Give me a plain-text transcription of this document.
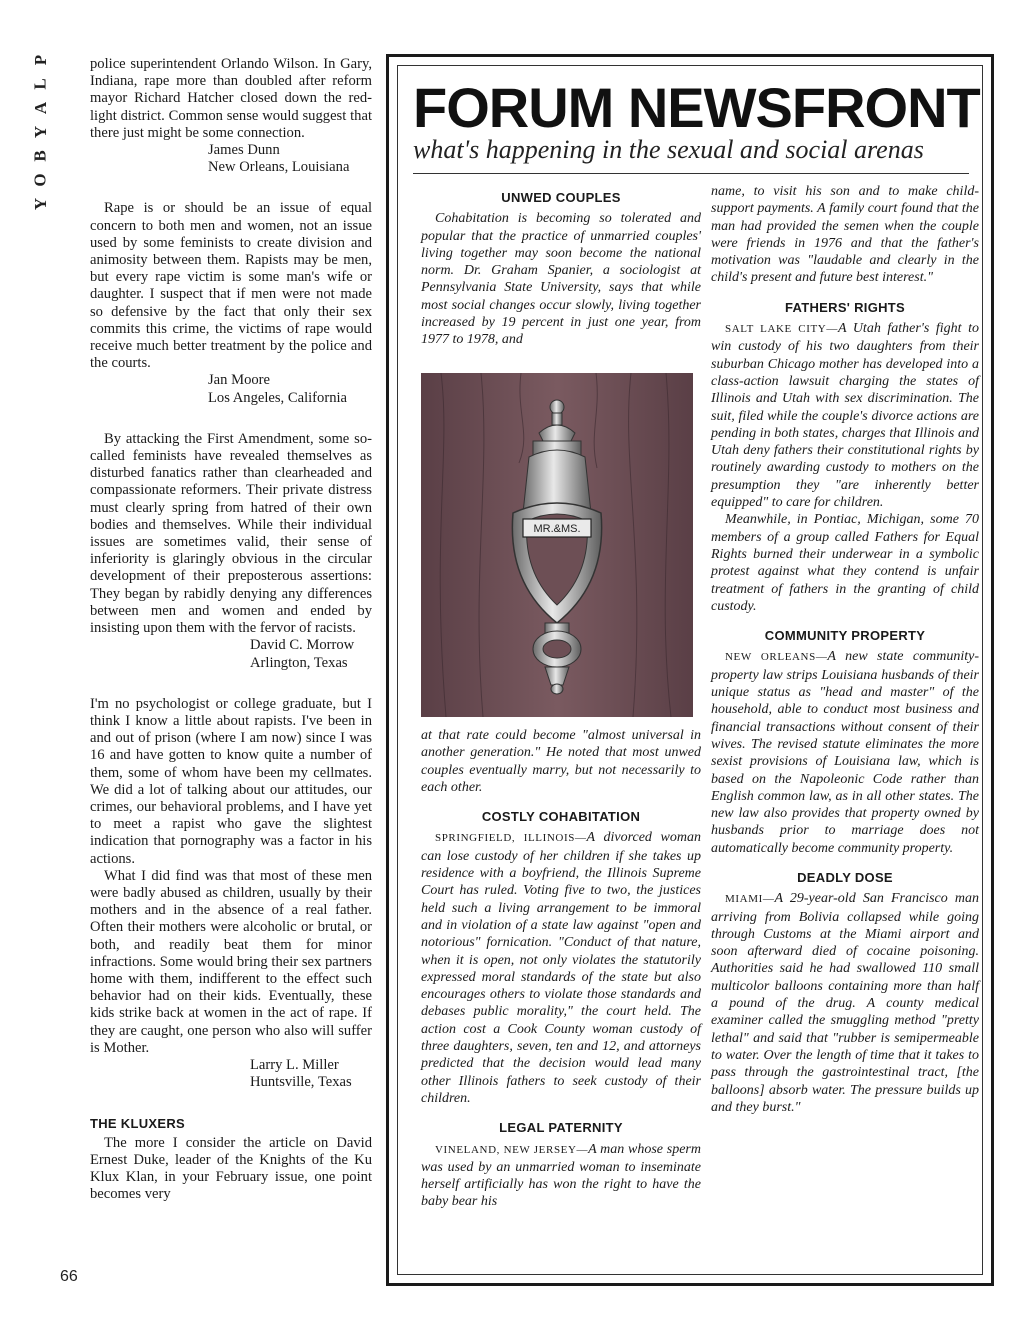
P
L
A
Y
B
O
Y
66

police superintendent Orlando Wilson. In Gary, Indiana, rape more than doubled after reform mayor Richard Hatcher closed down the red-light district. Common sense would suggest that there just might be some connection.

James Dunn
New Orleans, Louisiana

Rape is or should be an issue of equal concern to both men and women, not an issue used by some feminists to create division and animosity between them. Rapists may be men, but every rape victim is some man's wife or daughter. I suspect that if men were not made so defensive by the fact that only their sex commits this crime, the victims of rape would receive much better treatment by the police and the courts.

Jan Moore
Los Angeles, California

By attacking the First Amendment, some so-called feminists have revealed themselves as disturbed fanatics rather than clearheaded and compassionate reformers. Their private distress must clearly spring from hatred of their own bodies and themselves. While their individual issues are sometimes valid, their sense of inferiority is glaringly obvious in the circular development of their preposterous assertions: They began by rabidly denying any differences between men and women and ended by insisting upon them with the fervor of racists.

David C. Morrow
Arlington, Texas

I'm no psychologist or college graduate, but I think I know a little about rapists. I've been in and out of prison (where I am now) since I was 16 and have gotten to know quite a number of them, some of whom have been my cellmates. We did a lot of talking about our attitudes, our crimes, our behavioral problems, and I have yet to meet a rapist who gave the slightest indication that pornography was a factor in his actions.

What I did find was that most of these men were badly abused as children, usually by their mothers and in the absence of a real father. Often their mothers were alcoholic or brutal, or both, and readily beat them for minor infractions. Some would bring their sex partners home with them, indifferent to the effect such behavior had on their kids. Eventually, these kids strike back at women in the act of rape. If they are caught, one person who also will suffer is Mother.

Larry L. Miller
Huntsville, Texas
THE KLUXERS

The more I consider the article on David Ernest Duke, leader of the Knights of the Ku Klux Klan, in your February issue, one point becomes very

FORUM NEWSFRONT
what's happening in the sexual and social arenas
UNWED COUPLES

Cohabitation is becoming so tolerated and popular that the practice of unmarried couples' living together may soon become the national norm. Dr. Graham Spanier, a sociologist at Pennsylvania State University, says that while most social changes occur slowly, living together increased by 19 percent in just one year, from 1977 to 1978, and

MR.&MS.

at that rate could become "almost universal in another generation." He noted that most unwed couples eventually marry, but not necessarily to each other.

COSTLY COHABITATION

SPRINGFIELD, ILLINOIS—A divorced woman can lose custody of her children if she takes up residence with a boyfriend, the Illinois Supreme Court has ruled. Voting five to two, the justices held such a living arrangement to be immoral and in violation of a state law against "open and notorious" fornication. "Conduct of that nature, when it is open, not only violates the statutorily expressed moral standards of the state but also encourages others to violate those standards and debases public morality," the court held. The action cost a Cook County woman custody of three daughters, seven, ten and 12, and attorneys predicted that the decision would lead many other Illinois fathers to seek custody of their children.

LEGAL PATERNITY

VINELAND, NEW JERSEY—A man whose sperm was used by an unmarried woman to inseminate herself artificially has won the right to have the baby bear his

name, to visit his son and to make child-support payments. A family court found that the man had provided the semen when the couple were friends in 1976 and that the father's motivation was "laudable and clearly in the child's present and future best interest."

FATHERS' RIGHTS

SALT LAKE CITY—A Utah father's fight to win custody of his two daughters from their suburban Chicago mother has developed into a class-action lawsuit charging the states of Illinois and Utah with sex discrimination. The suit, filed while the couple's divorce actions are pending in both states, charges that Illinois and Utah deny fathers their constitutional rights by routinely awarding custody to mothers on the presumption they "are inherently better equipped" to care for children.

Meanwhile, in Pontiac, Michigan, some 70 members of a group called Fathers for Equal Rights burned their underwear in a symbolic protest against what they contend is unfair treatment of fathers in the granting of child custody.

COMMUNITY PROPERTY

NEW ORLEANS—A new state community-property law strips Louisiana husbands of their unique status as "head and master" of the household, able to conduct most business and financial transactions without consent of their wives. The revised statute eliminates the more sexist provisions of Louisiana law, which is based on the Napoleonic Code rather than English common law, as in all other states. The new law also provides that property owned by husbands prior to marriage does not automatically become community property.

DEADLY DOSE

MIAMI—A 29-year-old San Francisco man arriving from Bolivia collapsed while going through Customs at the Miami airport and soon afterward died of cocaine poisoning. Authorities said he had swallowed 110 small multicolor balloons containing more than half a pound of the drug. A county medical examiner called the smuggling method "pretty lethal" and said that "rubber is semipermeable to water. Over the length of time that it takes to pass through the gastrointestinal tract, [the balloons] absorb water. The pressure builds up and they burst."
